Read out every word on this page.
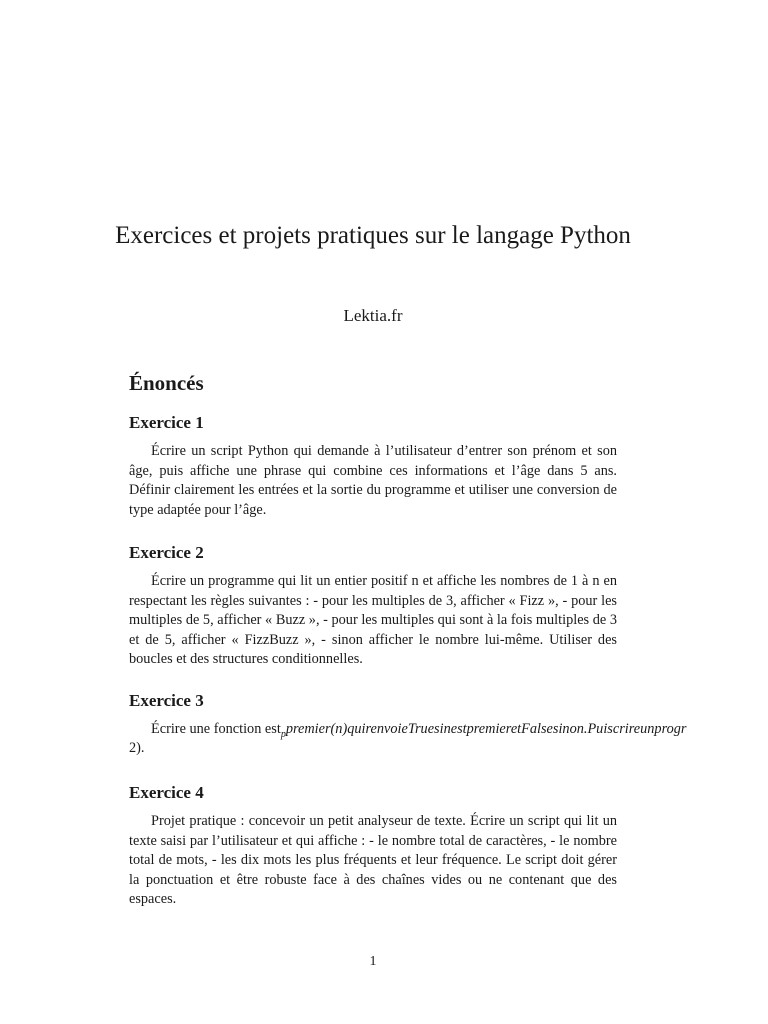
Exercices et projets pratiques sur le langage Python
Lektia.fr
Énoncés
Exercice 1

Écrire un script Python qui demande à l’utilisateur d’entrer son prénom et son âge, puis affiche une phrase qui combine ces informations et l’âge dans 5 ans. Définir clairement les entrées et la sortie du programme et utiliser une conversion de type adaptée pour l’âge.

Exercice 2

Écrire un programme qui lit un entier positif n et affiche les nombres de 1 à n en respectant les règles suivantes : - pour les multiples de 3, afficher « Fizz », - pour les multiples de 5, afficher « Buzz », - pour les multiples qui sont à la fois multiples de 3 et de 5, afficher « FizzBuzz », - sinon afficher le nombre lui-même. Utiliser des boucles et des structures conditionnelles.

Exercice 3

Écrire une fonction est$_p$premier(n)quirenvoieTruesinestpremieretFalsesinon.Puiscrireunprogr

2).
Exercice 4

Projet pratique : concevoir un petit analyseur de texte. Écrire un script qui lit un texte saisi par l’utilisateur et qui affiche : - le nombre total de caractères, - le nombre total de mots, - les dix mots les plus fréquents et leur fréquence. Le script doit gérer la ponctuation et être robuste face à des chaînes vides ou ne contenant que des espaces.

1
